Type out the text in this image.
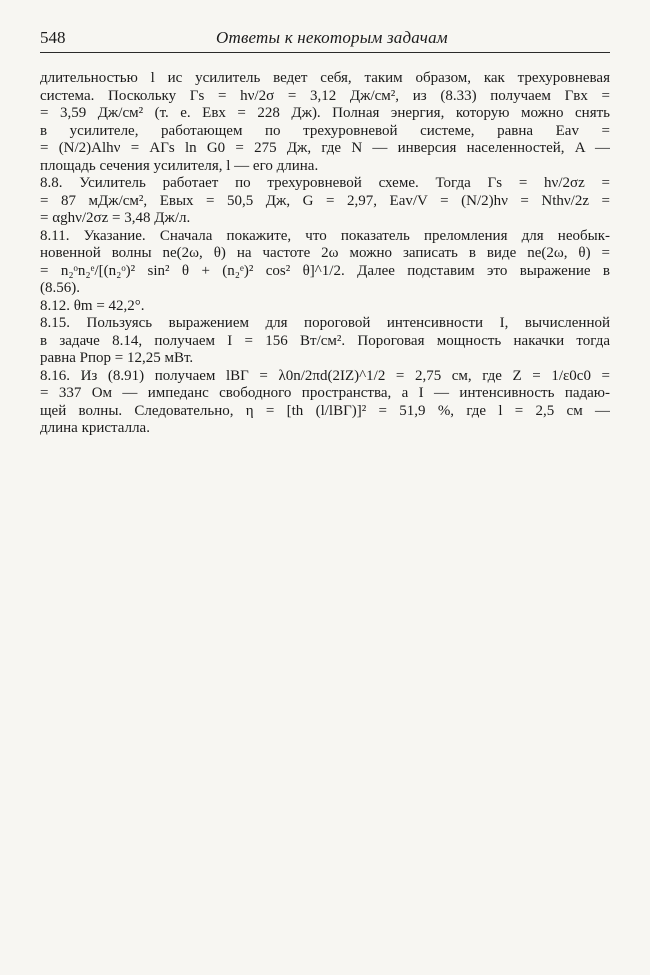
548	Ответы к некоторым задачам
длительностью l ис усилитель ведет себя, таким образом, как трехуровневая
система. Поскольку Γs = hν/2σ = 3,12 Дж/см², из (8.33) получаем Γвх =
= 3,59 Дж/см² (т. е. Eвх = 228 Дж). Полная энергия, которую можно снять
в усилителе, работающем по трехуровневой системе, равна Eav =
= (N/2)Alhν = AΓs ln G0 = 275 Дж, где N — инверсия населенностей, A —
площадь сечения усилителя, l — его длина.
8.8. Усилитель работает по трехуровневой схеме. Тогда Γs = hν/2σz =
= 87 мДж/см², Eвых = 50,5 Дж, G = 2,97, Eav/V = (N/2)hν = Nthν/2z =
= αghν/2σz = 3,48 Дж/л.
8.11. Указание. Сначала покажите, что показатель преломления для необык-
новенной волны ne(2ω, θ) на частоте 2ω можно записать в виде ne(2ω, θ) =
= n₂ᵒn₂ᵉ/[(n₂ᵒ)² sin² θ + (n₂ᵉ)² cos² θ]^1/2. Далее подставим это выражение в
(8.56).
8.12. θm = 42,2°.
8.15. Пользуясь выражением для пороговой интенсивности I, вычисленной
в задаче 8.14, получаем I = 156 Вт/см². Пороговая мощность накачки тогда
равна Pпор = 12,25 мВт.
8.16. Из (8.91) получаем lВГ = λ0n/2πd(2IZ)^1/2 = 2,75 см, где Z = 1/ε0c0 =
= 337 Ом — импеданс свободного пространства, а I — интенсивность падаю-
щей волны. Следовательно, η = [th (l/lВГ)]² = 51,9 %, где l = 2,5 см —
длина кристалла.
